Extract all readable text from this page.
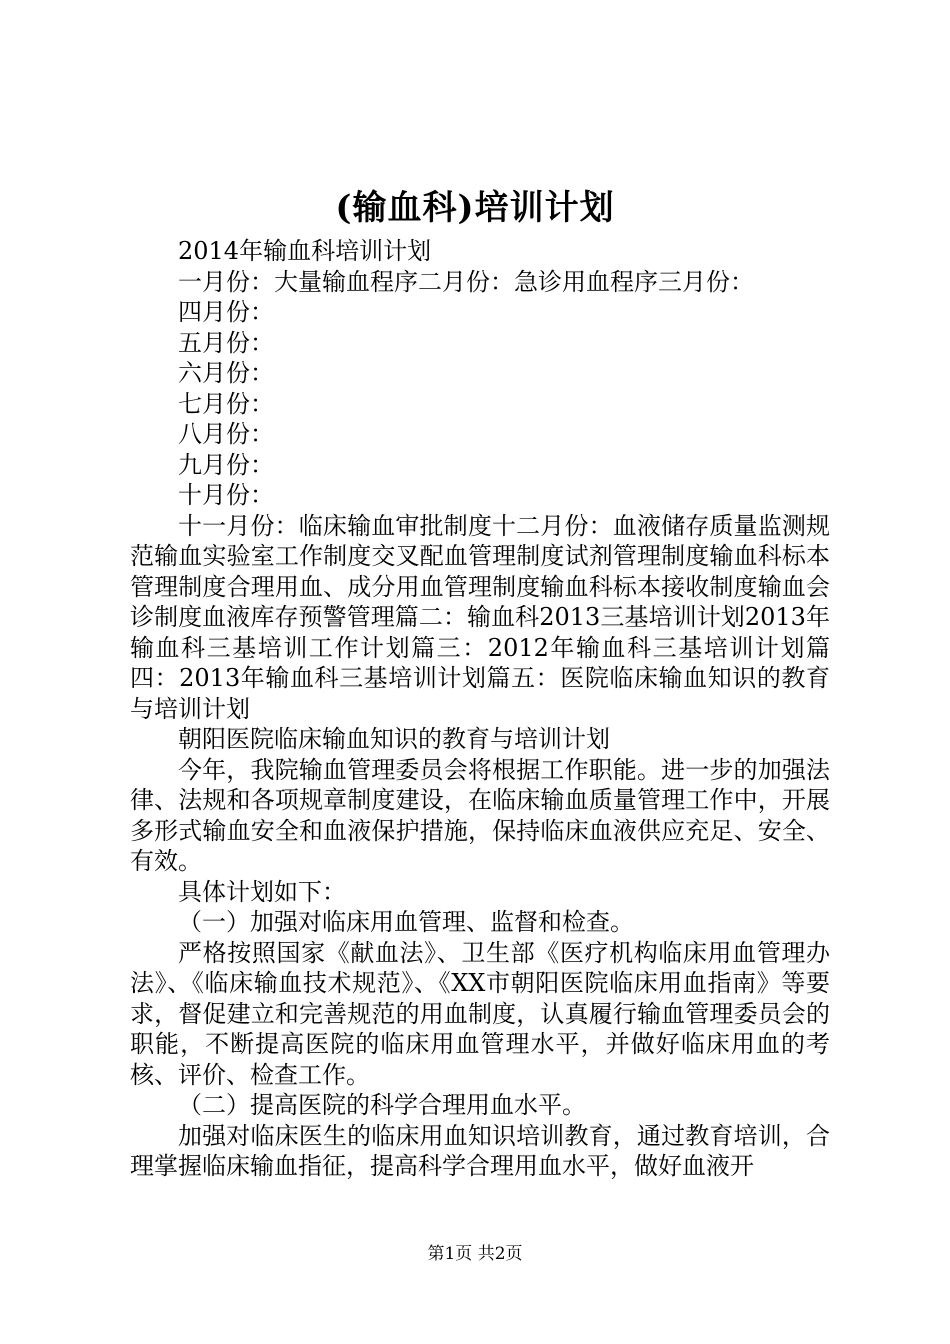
(输血科)培训计划

2014年输血科培训计划

一月份：大量输血程序二月份：急诊用血程序三月份：

四月份：

五月份：

六月份：

七月份：

八月份：

九月份：

十月份：

十一月份：临床输血审批制度十二月份：血液储存质量监测规范输血实验室工作制度交叉配血管理制度试剂管理制度输血科标本管理制度合理用血、成分用血管理制度输血科标本接收制度输血会诊制度血液库存预警管理篇二：输血科2013三基培训计划2013年输血科三基培训工作计划篇三：2012年输血科三基培训计划篇四：2013年输血科三基培训计划篇五：医院临床输血知识的教育与培训计划

朝阳医院临床输血知识的教育与培训计划

今年，我院输血管理委员会将根据工作职能。进一步的加强法律、法规和各项规章制度建设，在临床输血质量管理工作中，开展多形式输血安全和血液保护措施，保持临床血液供应充足、安全、有效。

具体计划如下：

（一）加强对临床用血管理、监督和检查。

严格按照国家《献血法》、卫生部《医疗机构临床用血管理办法》、《临床输血技术规范》、《XX市朝阳医院临床用血指南》等要求，督促建立和完善规范的用血制度，认真履行输血管理委员会的职能，不断提高医院的临床用血管理水平，并做好临床用血的考核、评价、检查工作。

（二）提高医院的科学合理用血水平。

加强对临床医生的临床用血知识培训教育，通过教育培训，合理掌握临床输血指征，提高科学合理用血水平，做好血液开

第1页 共2页
